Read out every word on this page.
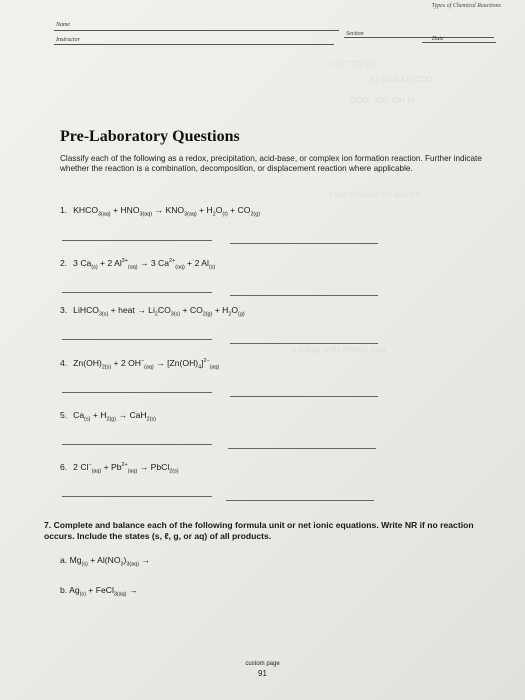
OR OF TNIO
DCC OJUNOL OI
M NOI SOL IOOO
nortoss hot dezeeth arts i
atinr botlimil elinw gmitot ie
Types of Chemical Reactions
Name
Instructor
Section
Date
Pre-Laboratory Questions
Classify each of the following as a redox, precipitation, acid-base, or complex ion formation reaction. Further indicate whether the reaction is a combination, decomposition, or displacement reaction where applicable.
1. $KHCO_{3(aq)} + HNO_{3(aq)} \to KNO_{3(aq)} + H_2O_{(\ell)} + CO_{2(g)}$
2. 3 $Ca_{(s)} + 2$ $Al^{3+}_{(aq)} \to 3$ $Ca^{2+}_{(aq)} + 2$ $Al_{(s)}$
3. LiHCO$_{3(s)}$ + heat → $Li_2CO_{3(s)} + CO_{2(g)} + H_2O_{(g)}$
4. $Zn(OH)_{2(s)} + 2$ $OH^-_{(aq)} \to [Zn(OH)_4]^{2-}_{(aq)}$
5. $Ca_{(s)} + H_{2(g)} \to CaH_{2(s)}$
6. 2 $Cl^-_{(aq)} + Pb^{2+}_{(aq)}$ → PbCl$_{2(s)}$
7. Complete and balance each of the following formula unit or net ionic equations. Write NR if no reaction occurs. Include the states (s, ℓ, g, or aq) of all products.
a. $Mg_{(s)} + Al(NO_3)_{3(aq)}$ →
b. $Ag_{(s)}$ + FeCl$_{3(aq)}$ →
custom page
91
